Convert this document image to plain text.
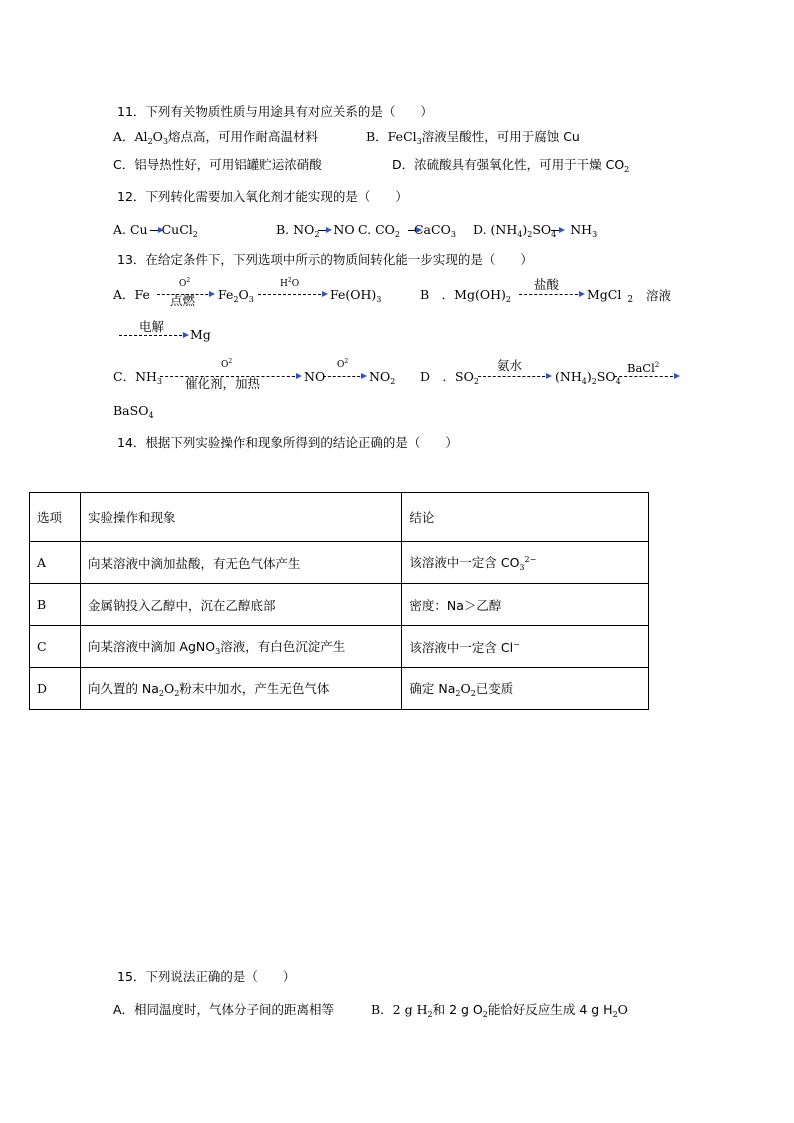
11．下列有关物质性质与用途具有对应关系的是（　　）
A．$Al_2O_3$熔点高，可用作耐高温材料	B．FeCl$_3$溶液呈酸性，可用于腐蚀 Cu
C．铝导热性好，可用铝罐贮运浓硝酸	D．浓硫酸具有强氧化性，可用于干燥 $CO_2$
12．下列转化需要加入氧化剂才能实现的是（　　）
A. Cu CuCl$_2$	B. $NO_2$ NO C. $CO_2$ CaCO$_3$ D. $(NH_4)_2SO_4$ $NH_3$
13．在给定条件下，下列选项中所示的物质间转化能一步实现的是（　　）
A．Fe
$O^2$
点燃 $Fe_2O_3$
$H^2O$
$Fe(OH)_3$	B　．$Mg(OH)_2$
盐酸
MgCl $_2$ 溶液
电解
Mg
C．$NH_3$
$O^2$
催化剂，加热	NO
$O^2$
$NO_2$ D　．$SO_2$
氨水
$(NH_4)_2SO_4$
BaCl$^2$
BaSO$_4$
14．根据下列实验操作和现象所得到的结论正确的是（　　）
选项	实验操作和现象	结论
A	向某溶液中滴加盐酸，有无色气体产生	该溶液中一定含 $CO_3^{2-}$
B	金属钠投入乙醇中，沉在乙醇底部	密度：Na＞乙醇
C	向某溶液中滴加 AgNO$_3$溶液，有白色沉淀产生	该溶液中一定含 Cl−
D	向久置的 $Na_2O_2$粉末中加水，产生无色气体	确定 $Na_2O_2$已变质
15．下列说法正确的是（　　）
A．相同温度时，气体分子间的距离相等	B．2 g $H_2$和 2 g $O_2$能恰好反应生成 4 g $H_2O$
